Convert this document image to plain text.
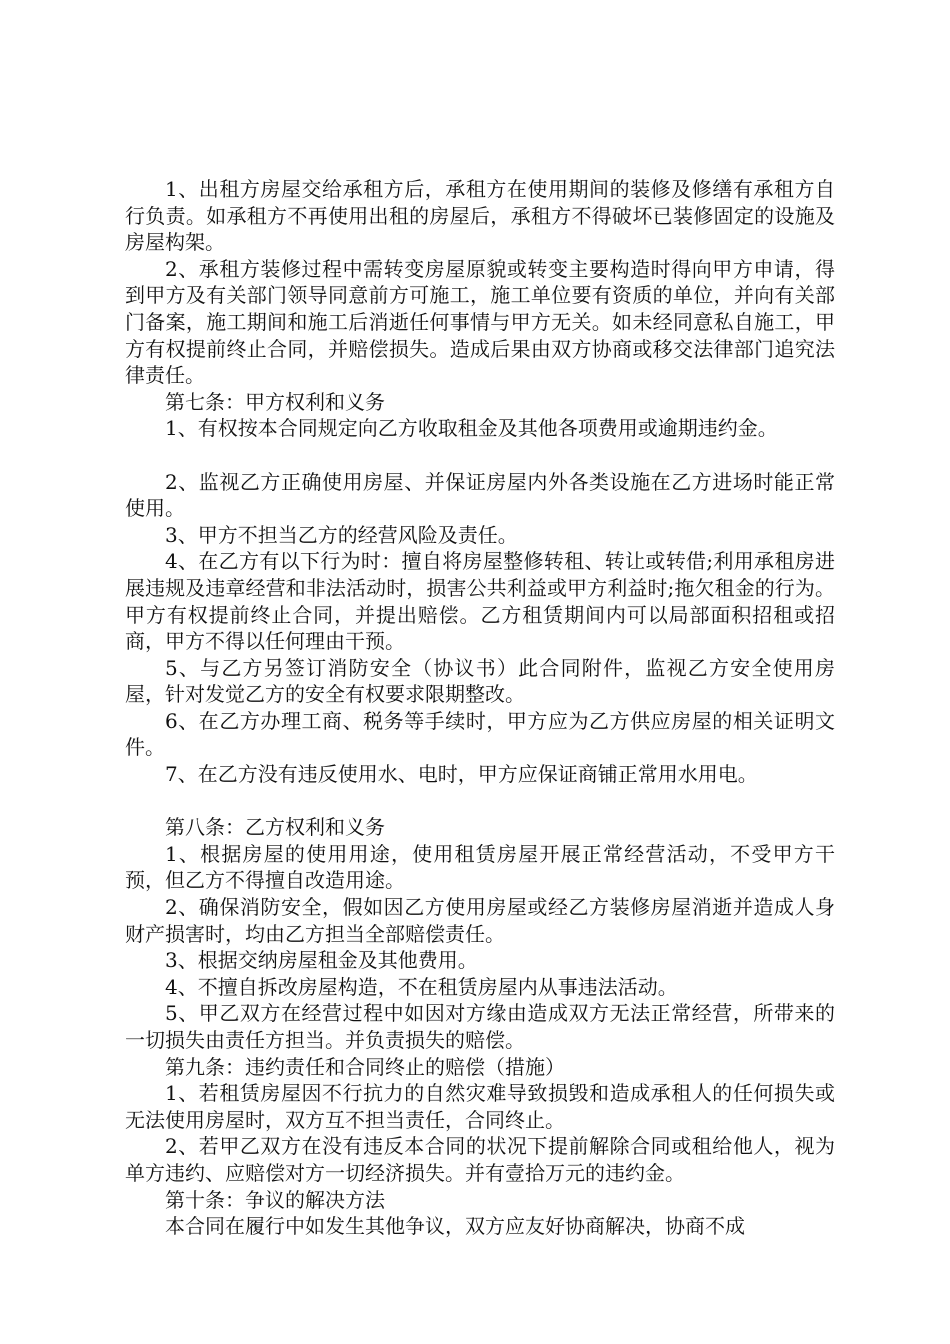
1、出租方房屋交给承租方后，承租方在使用期间的装修及修缮有承租方自行负责。如承租方不再使用出租的房屋后，承租方不得破坏已装修固定的设施及房屋构架。

2、承租方装修过程中需转变房屋原貌或转变主要构造时得向甲方申请，得到甲方及有关部门领导同意前方可施工，施工单位要有资质的单位，并向有关部门备案，施工期间和施工后消逝任何事情与甲方无关。如未经同意私自施工，甲方有权提前终止合同，并赔偿损失。造成后果由双方协商或移交法律部门追究法律责任。

第七条：甲方权利和义务

1、有权按本合同规定向乙方收取租金及其他各项费用或逾期违约金。

2、监视乙方正确使用房屋、并保证房屋内外各类设施在乙方进场时能正常使用。

3、甲方不担当乙方的经营风险及责任。

4、在乙方有以下行为时：擅自将房屋整修转租、转让或转借;利用承租房进展违规及违章经营和非法活动时，损害公共利益或甲方利益时;拖欠租金的行为。甲方有权提前终止合同，并提出赔偿。乙方租赁期间内可以局部面积招租或招商，甲方不得以任何理由干预。

5、与乙方另签订消防安全（协议书）此合同附件，监视乙方安全使用房屋，针对发觉乙方的安全有权要求限期整改。

6、在乙方办理工商、税务等手续时，甲方应为乙方供应房屋的相关证明文件。

7、在乙方没有违反使用水、电时，甲方应保证商铺正常用水用电。

第八条：乙方权利和义务

1、根据房屋的使用用途，使用租赁房屋开展正常经营活动，不受甲方干预，但乙方不得擅自改造用途。

2、确保消防安全，假如因乙方使用房屋或经乙方装修房屋消逝并造成人身财产损害时，均由乙方担当全部赔偿责任。

3、根据交纳房屋租金及其他费用。

4、不擅自拆改房屋构造，不在租赁房屋内从事违法活动。

5、甲乙双方在经营过程中如因对方缘由造成双方无法正常经营，所带来的一切损失由责任方担当。并负责损失的赔偿。

第九条：违约责任和合同终止的赔偿（措施）

1、若租赁房屋因不行抗力的自然灾难导致损毁和造成承租人的任何损失或无法使用房屋时，双方互不担当责任，合同终止。

2、若甲乙双方在没有违反本合同的状况下提前解除合同或租给他人，视为单方违约、应赔偿对方一切经济损失。并有壹拾万元的违约金。

第十条：争议的解决方法

本合同在履行中如发生其他争议，双方应友好协商解决，协商不成
